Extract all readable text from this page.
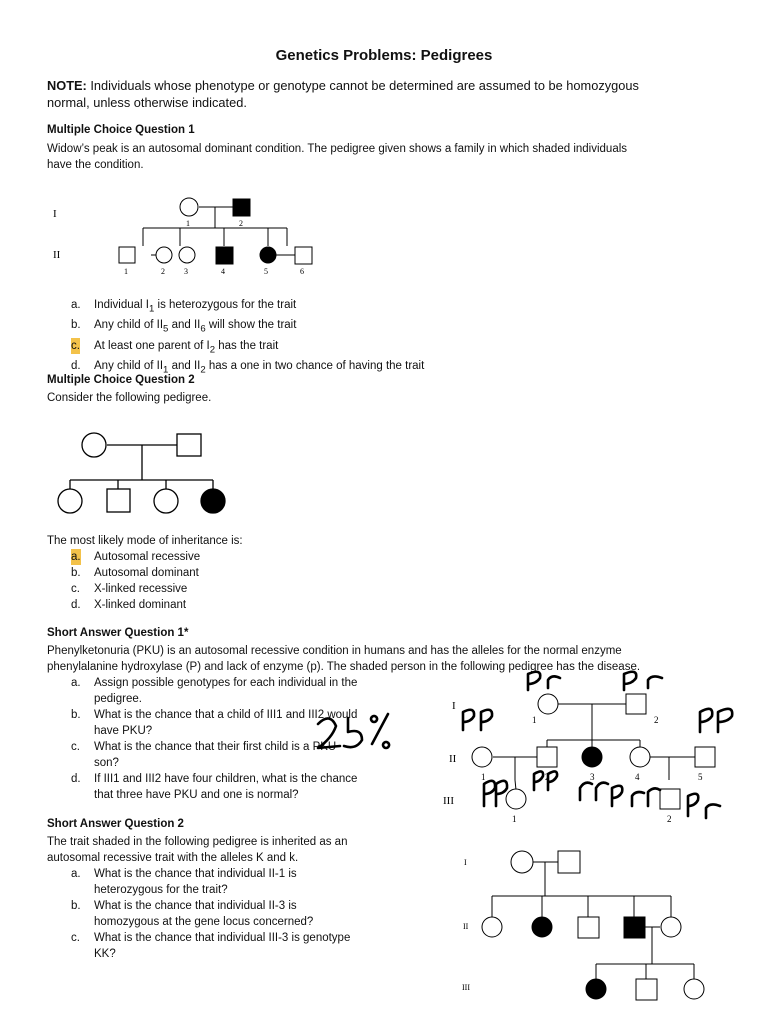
Genetics Problems: Pedigrees
NOTE: Individuals whose phenotype or genotype cannot be determined are assumed to be homozygous
normal, unless otherwise indicated.
Multiple Choice Question 1
Widow’s peak is an autosomal dominant condition. The pedigree given shows a family in which shaded individuals
have the condition.
I
II
1	2
1	2 3	4	5	6
a. Individual $I_1$ is heterozygous for the trait
b. Any child of $II_5$ and $II_6$ will show the trait
c. At least one parent of $I_2$ has the trait
d. Any child of $II_1$ and $II_2$ has a one in two chance of having the trait
Multiple Choice Question 2
Consider the following pedigree.
The most likely mode of inheritance is:
a. Autosomal recessive
b. Autosomal dominant
c. X-linked recessive
d. X-linked dominant
Short Answer Question 1*
Phenylketonuria (PKU) is an autosomal recessive condition in humans and has the alleles for the normal enzyme
phenylalanine hydroxylase (P) and lack of enzyme (p). The shaded person in the following pedigree has the disease.
a. Assign possible genotypes for each individual in the
pedigree.
b. What is the chance that a child of III1 and III2 would
have PKU?
c. What is the chance that their first child is a PKU
son?
d. If III1 and III2 have four children, what is the chance
that three have PKU and one is normal?
I
II
III
1	2
1	2	3	4	5
1	2
Short Answer Question 2
The trait shaded in the following pedigree is inherited as an
autosomal recessive trait with the alleles K and k.
a. What is the chance that individual II-1 is
heterozygous for the trait?
b. What is the chance that individual II-3 is
homozygous at the gene locus concerned?
c. What is the chance that individual III-3 is genotype
KK?
I
II
III
